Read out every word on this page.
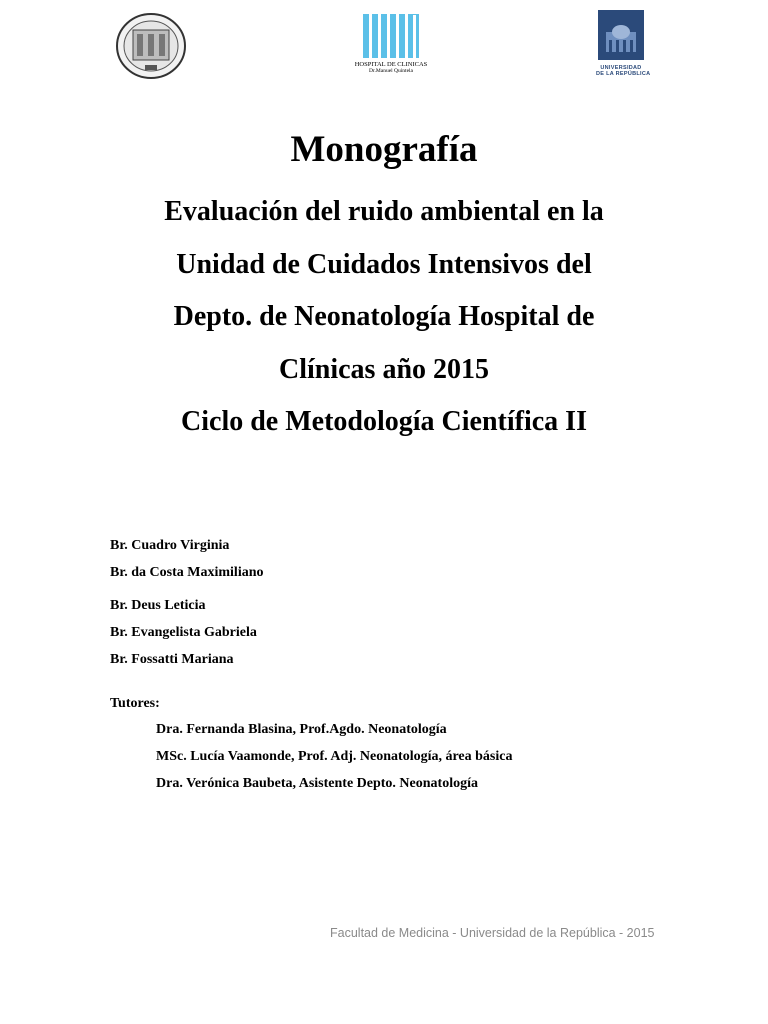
HOSPITAL DE CLINICAS
Dr.Manuel Quintela	UNIVERSIDAD
DE LA REPÚBLICA
Monografía
Evaluación del ruido ambiental en la
Unidad de Cuidados Intensivos del
Depto. de Neonatología Hospital de
Clínicas año 2015
Ciclo de Metodología Científica II
Br. Cuadro Virginia
Br. da Costa Maximiliano
Br. Deus Leticia
Br. Evangelista Gabriela
Br. Fossatti Mariana
Tutores:
Dra. Fernanda Blasina, Prof.Agdo. Neonatología
MSc. Lucía Vaamonde, Prof. Adj. Neonatología, área básica
Dra. Verónica Baubeta, Asistente Depto. Neonatología
Facultad de Medicina - Universidad de la República - 2015
